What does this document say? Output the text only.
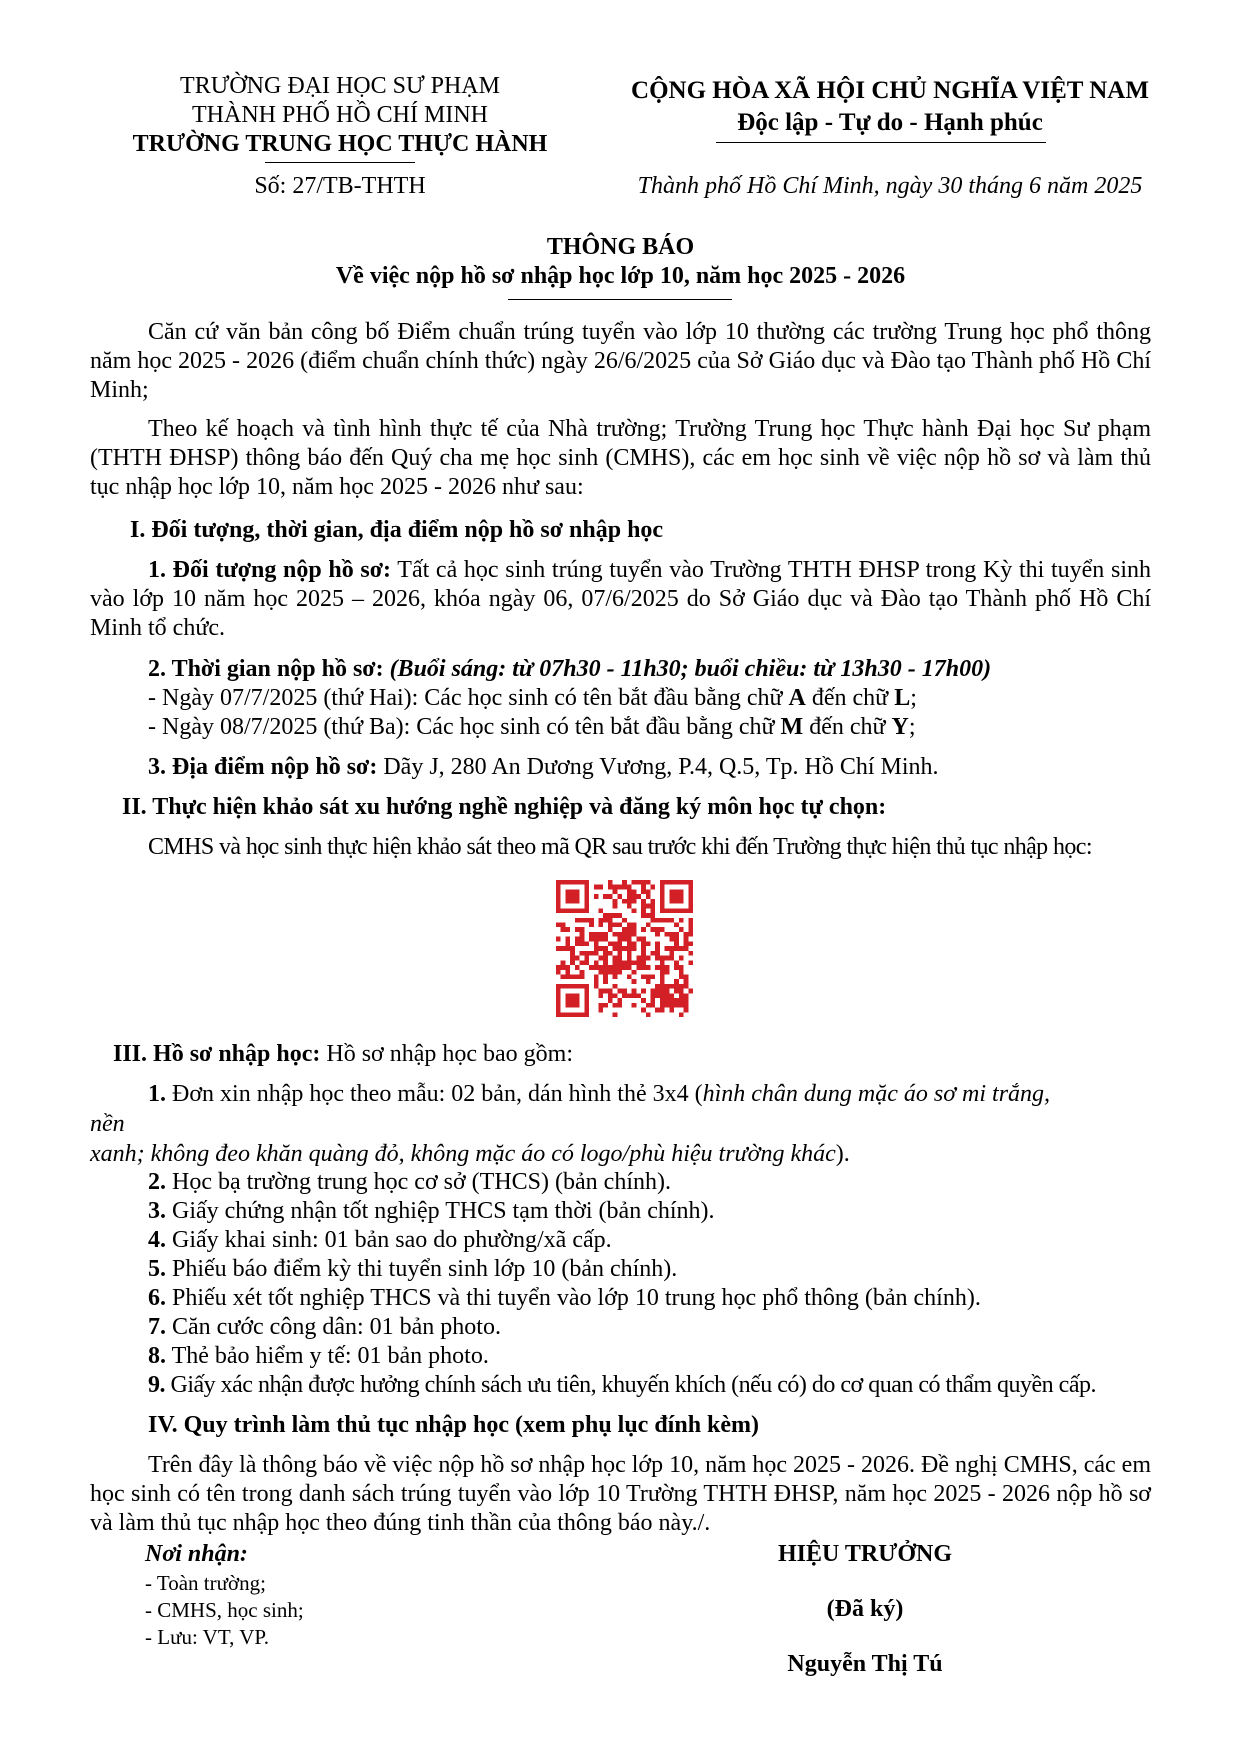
TRƯỜNG ĐẠI HỌC SƯ PHẠM
THÀNH PHỐ HỒ CHÍ MINH
TRƯỜNG TRUNG HỌC THỰC HÀNH
Số: 27/TB-THTH
CỘNG HÒA XÃ HỘI CHỦ NGHĨA VIỆT NAM
Độc lập - Tự do - Hạnh phúc
Thành phố Hồ Chí Minh, ngày 30 tháng 6 năm 2025
THÔNG BÁO
Về việc nộp hồ sơ nhập học lớp 10, năm học 2025 - 2026
Căn cứ văn bản công bố Điểm chuẩn trúng tuyển vào lớp 10 thường các trường Trung học phổ thông năm học 2025 - 2026 (điểm chuẩn chính thức) ngày 26/6/2025 của Sở Giáo dục và Đào tạo Thành phố Hồ Chí Minh;
Theo kế hoạch và tình hình thực tế của Nhà trường; Trường Trung học Thực hành Đại học Sư phạm (THTH ĐHSP) thông báo đến Quý cha mẹ học sinh (CMHS), các em học sinh về việc nộp hồ sơ và làm thủ tục nhập học lớp 10, năm học 2025 - 2026 như sau:
I. Đối tượng, thời gian, địa điểm nộp hồ sơ nhập học
1. Đối tượng nộp hồ sơ: Tất cả học sinh trúng tuyển vào Trường THTH ĐHSP trong Kỳ thi tuyển sinh vào lớp 10 năm học 2025 – 2026, khóa ngày 06, 07/6/2025 do Sở Giáo dục và Đào tạo Thành phố Hồ Chí Minh tổ chức.
2. Thời gian nộp hồ sơ: (Buổi sáng: từ 07h30 - 11h30; buổi chiều: từ 13h30 - 17h00)
- Ngày 07/7/2025 (thứ Hai): Các học sinh có tên bắt đầu bằng chữ A đến chữ L;
- Ngày 08/7/2025 (thứ Ba): Các học sinh có tên bắt đầu bằng chữ M đến chữ Y;
3. Địa điểm nộp hồ sơ: Dãy J, 280 An Dương Vương, P.4, Q.5, Tp. Hồ Chí Minh.
II. Thực hiện khảo sát xu hướng nghề nghiệp và đăng ký môn học tự chọn:
CMHS và học sinh thực hiện khảo sát theo mã QR sau trước khi đến Trường thực hiện thủ tục nhập học:
III. Hồ sơ nhập học: Hồ sơ nhập học bao gồm:
1. Đơn xin nhập học theo mẫu: 02 bản, dán hình thẻ 3x4 (hình chân dung mặc áo sơ mi trắng,
nền
xanh; không đeo khăn quàng đỏ, không mặc áo có logo/phù hiệu trường khác).
2. Học bạ trường trung học cơ sở (THCS) (bản chính).
3. Giấy chứng nhận tốt nghiệp THCS tạm thời (bản chính).
4. Giấy khai sinh: 01 bản sao do phường/xã cấp.
5. Phiếu báo điểm kỳ thi tuyển sinh lớp 10 (bản chính).
6. Phiếu xét tốt nghiệp THCS và thi tuyển vào lớp 10 trung học phổ thông (bản chính).
7. Căn cước công dân: 01 bản photo.
8. Thẻ bảo hiểm y tế: 01 bản photo.
9. Giấy xác nhận được hưởng chính sách ưu tiên, khuyến khích (nếu có) do cơ quan có thẩm quyền cấp.
IV. Quy trình làm thủ tục nhập học (xem phụ lục đính kèm)
Trên đây là thông báo về việc nộp hồ sơ nhập học lớp 10, năm học 2025 - 2026. Đề nghị CMHS, các em học sinh có tên trong danh sách trúng tuyển vào lớp 10 Trường THTH ĐHSP, năm học 2025 - 2026 nộp hồ sơ và làm thủ tục nhập học theo đúng tinh thần của thông báo này./.
Nơi nhận:
- Toàn trường;
- CMHS, học sinh;
- Lưu: VT, VP.
HIỆU TRƯỞNG
(Đã ký)
Nguyễn Thị Tú
